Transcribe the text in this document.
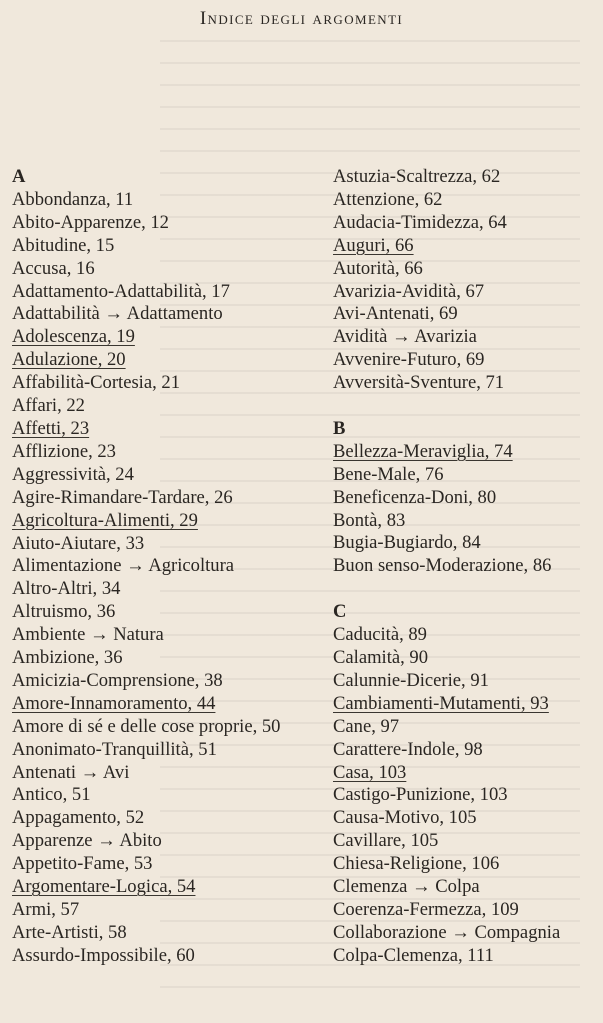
Indice degli argomenti
A
Abbondanza, 11
Abito-Apparenze, 12
Abitudine, 15
Accusa, 16
Adattamento-Adattabilità, 17
Adattabilità → Adattamento
Adolescenza, 19
Adulazione, 20
Affabilità-Cortesia, 21
Affari, 22
Affetti, 23
Afflizione, 23
Aggressività, 24
Agire-Rimandare-Tardare, 26
Agricoltura-Alimenti, 29
Aiuto-Aiutare, 33
Alimentazione → Agricoltura
Altro-Altri, 34
Altruismo, 36
Ambiente → Natura
Ambizione, 36
Amicizia-Comprensione, 38
Amore-Innamoramento, 44
Amore di sé e delle cose proprie, 50
Anonimato-Tranquillità, 51
Antenati → Avi
Antico, 51
Appagamento, 52
Apparenze → Abito
Appetito-Fame, 53
Argomentare-Logica, 54
Armi, 57
Arte-Artisti, 58
Assurdo-Impossibile, 60
Astuzia-Scaltrezza, 62
Attenzione, 62
Audacia-Timidezza, 64
Auguri, 66
Autorità, 66
Avarizia-Avidità, 67
Avi-Antenati, 69
Avidità → Avarizia
Avvenire-Futuro, 69
Avversità-Sventure, 71
B
Bellezza-Meraviglia, 74
Bene-Male, 76
Beneficenza-Doni, 80
Bontà, 83
Bugia-Bugiardo, 84
Buon senso-Moderazione, 86
C
Caducità, 89
Calamità, 90
Calunnie-Dicerie, 91
Cambiamenti-Mutamenti, 93
Cane, 97
Carattere-Indole, 98
Casa, 103
Castigo-Punizione, 103
Causa-Motivo, 105
Cavillare, 105
Chiesa-Religione, 106
Clemenza → Colpa
Coerenza-Fermezza, 109
Collaborazione → Compagnia
Colpa-Clemenza, 111
